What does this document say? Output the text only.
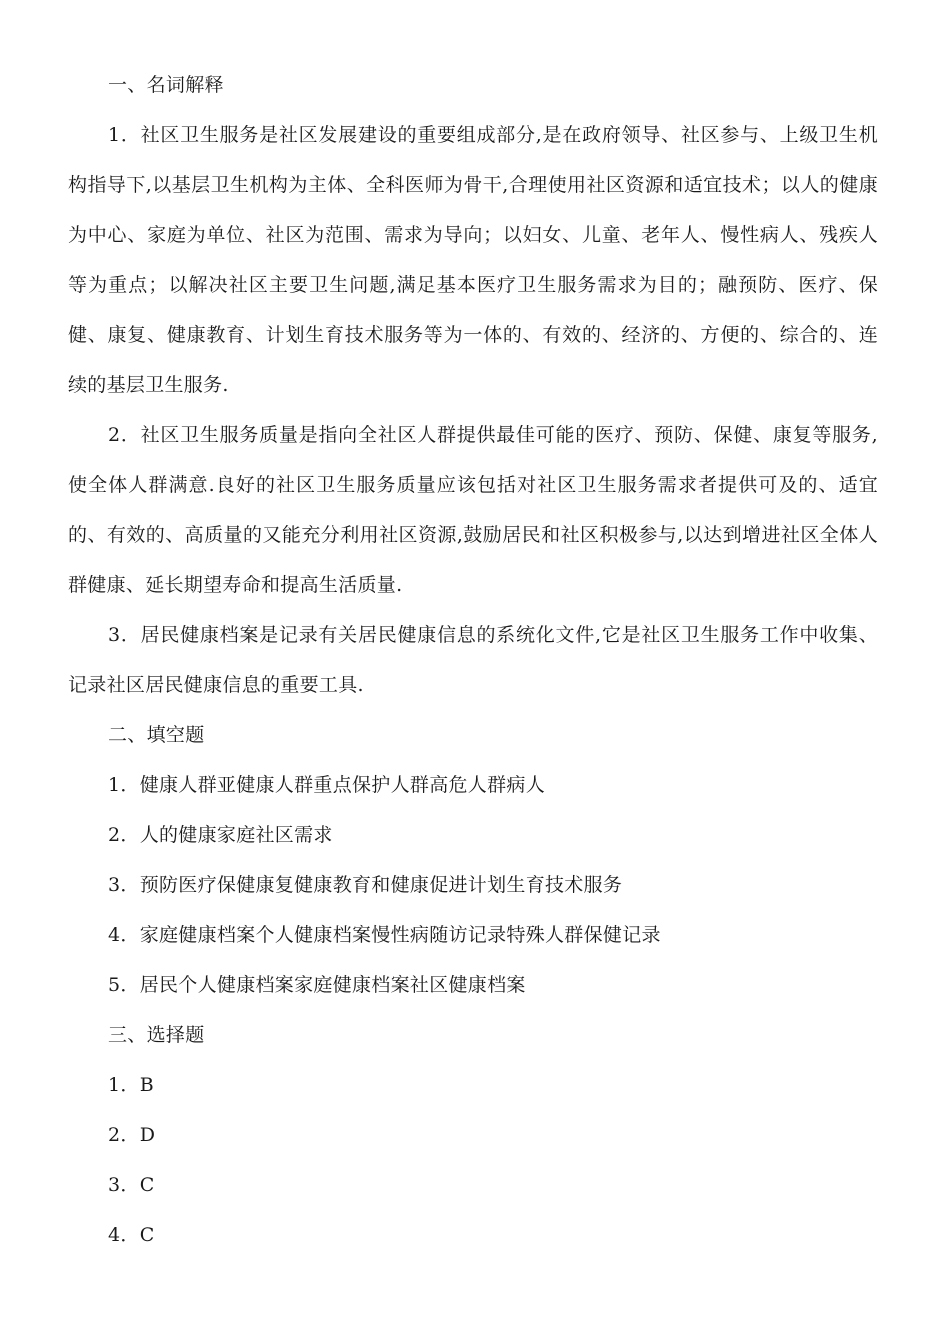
一、名词解释

1．社区卫生服务是社区发展建设的重要组成部分,是在政府领导、社区参与、上级卫生机构指导下,以基层卫生机构为主体、全科医师为骨干,合理使用社区资源和适宜技术；以人的健康为中心、家庭为单位、社区为范围、需求为导向；以妇女、儿童、老年人、慢性病人、残疾人等为重点；以解决社区主要卫生问题,满足基本医疗卫生服务需求为目的；融预防、医疗、保健、康复、健康教育、计划生育技术服务等为一体的、有效的、经济的、方便的、综合的、连续的基层卫生服务.

2．社区卫生服务质量是指向全社区人群提供最佳可能的医疗、预防、保健、康复等服务,使全体人群满意.良好的社区卫生服务质量应该包括对社区卫生服务需求者提供可及的、适宜的、有效的、高质量的又能充分利用社区资源,鼓励居民和社区积极参与,以达到增进社区全体人群健康、延长期望寿命和提高生活质量.

3．居民健康档案是记录有关居民健康信息的系统化文件,它是社区卫生服务工作中收集、记录社区居民健康信息的重要工具.

二、填空题
1．健康人群亚健康人群重点保护人群高危人群病人
2．人的健康家庭社区需求
3．预防医疗保健康复健康教育和健康促进计划生育技术服务
4．家庭健康档案个人健康档案慢性病随访记录特殊人群保健记录
5．居民个人健康档案家庭健康档案社区健康档案
三、选择题
1．B
2．D
3．C
4．C
